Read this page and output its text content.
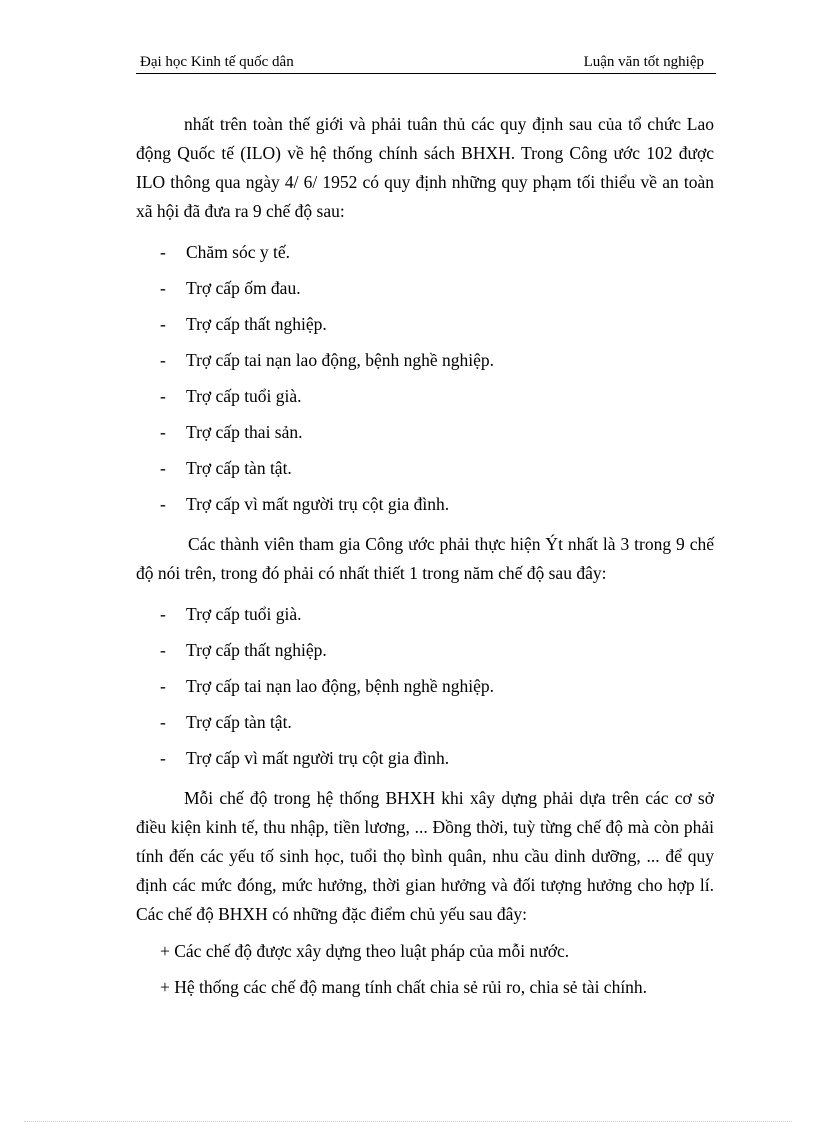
Đại học Kinh tế quốc dân	Luận văn tốt nghiệp

nhất trên toàn thế giới và phải tuân thủ các quy định sau của tổ chức Lao động Quốc tế (ILO) về hệ thống chính sách BHXH. Trong Công ước 102 được ILO thông qua ngày 4/ 6/ 1952 có quy định những quy phạm tối thiểu về an toàn xã hội đã đưa ra 9 chế độ sau:

-	Chăm sóc y tế.
-	Trợ cấp ốm đau.
-	Trợ cấp thất nghiệp.
-	Trợ cấp tai nạn lao động, bệnh nghề nghiệp.
-	Trợ cấp tuổi già.
-	Trợ cấp thai sản.
-	Trợ cấp tàn tật.
-	Trợ cấp vì mất người trụ cột gia đình.

Các thành viên tham gia Công ước phải thực hiện Ýt nhất là 3 trong 9 chế độ nói trên, trong đó phải có nhất thiết 1 trong năm chế độ sau đây:

-	Trợ cấp tuổi già.
-	Trợ cấp thất nghiệp.
-	Trợ cấp tai nạn lao động, bệnh nghề nghiệp.
-	Trợ cấp tàn tật.
-	Trợ cấp vì mất người trụ cột gia đình.

Mỗi chế độ trong hệ thống BHXH khi xây dựng phải dựa trên các cơ sở điều kiện kinh tế, thu nhập, tiền lương, ... Đồng thời, tuỳ từng chế độ mà còn phải tính đến các yếu tố sinh học, tuổi thọ bình quân, nhu cầu dinh dưỡng, ... để quy định các mức đóng, mức hưởng, thời gian hưởng và đối tượng hưởng cho hợp lí. Các chế độ BHXH có những đặc điểm chủ yếu sau đây:

+ Các chế độ được xây dựng theo luật pháp của mỗi nước.

+ Hệ thống các chế độ mang tính chất chia sẻ rủi ro, chia sẻ tài chính.
